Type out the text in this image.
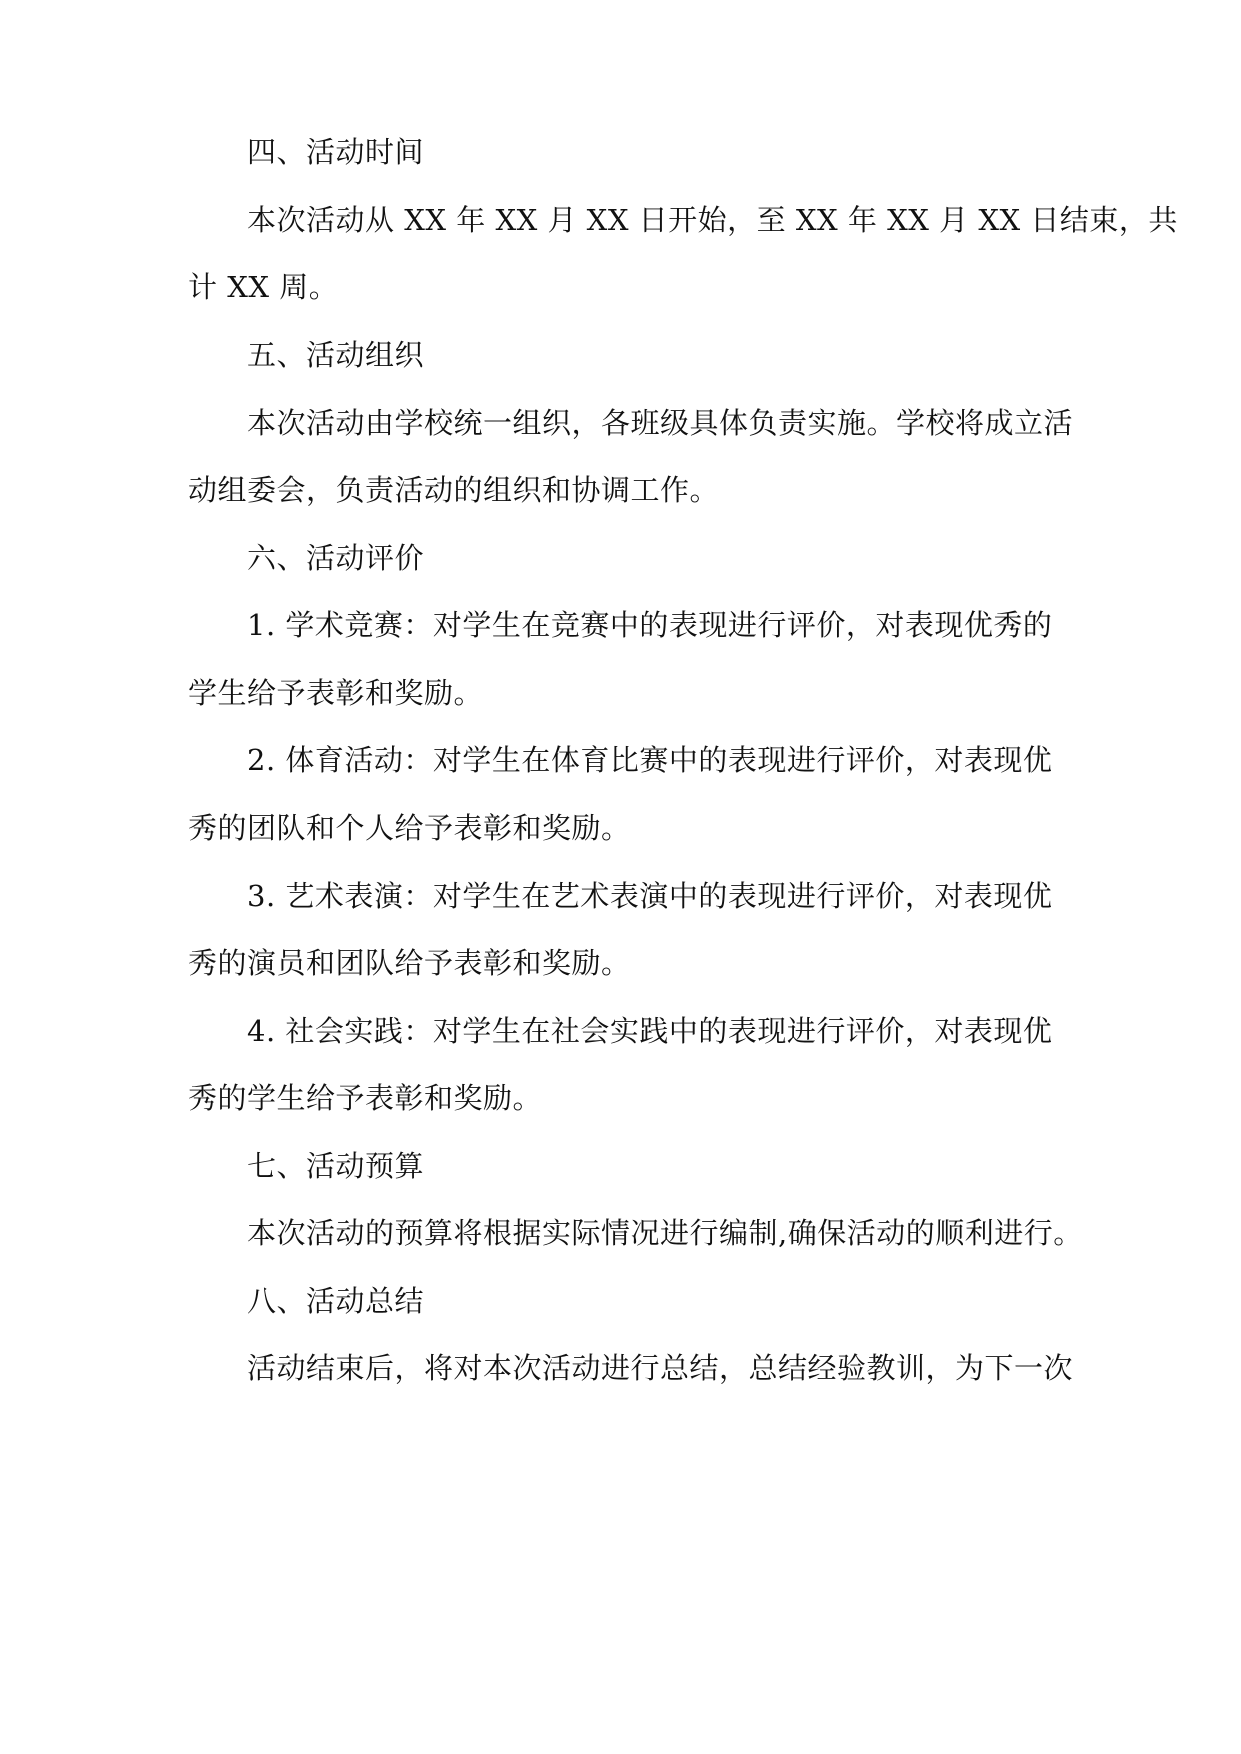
四、活动时间
本次活动从 XX 年 XX 月 XX 日开始，至 XX 年 XX 月 XX 日结束，共
计 XX 周。
五、活动组织
本次活动由学校统一组织，各班级具体负责实施。学校将成立活
动组委会，负责活动的组织和协调工作。
六、活动评价
1. 学术竞赛：对学生在竞赛中的表现进行评价，对表现优秀的
学生给予表彰和奖励。
2. 体育活动：对学生在体育比赛中的表现进行评价，对表现优
秀的团队和个人给予表彰和奖励。
3. 艺术表演：对学生在艺术表演中的表现进行评价，对表现优
秀的演员和团队给予表彰和奖励。
4. 社会实践：对学生在社会实践中的表现进行评价，对表现优
秀的学生给予表彰和奖励。
七、活动预算
本次活动的预算将根据实际情况进行编制,确保活动的顺利进行。
八、活动总结
活动结束后，将对本次活动进行总结，总结经验教训，为下一次
